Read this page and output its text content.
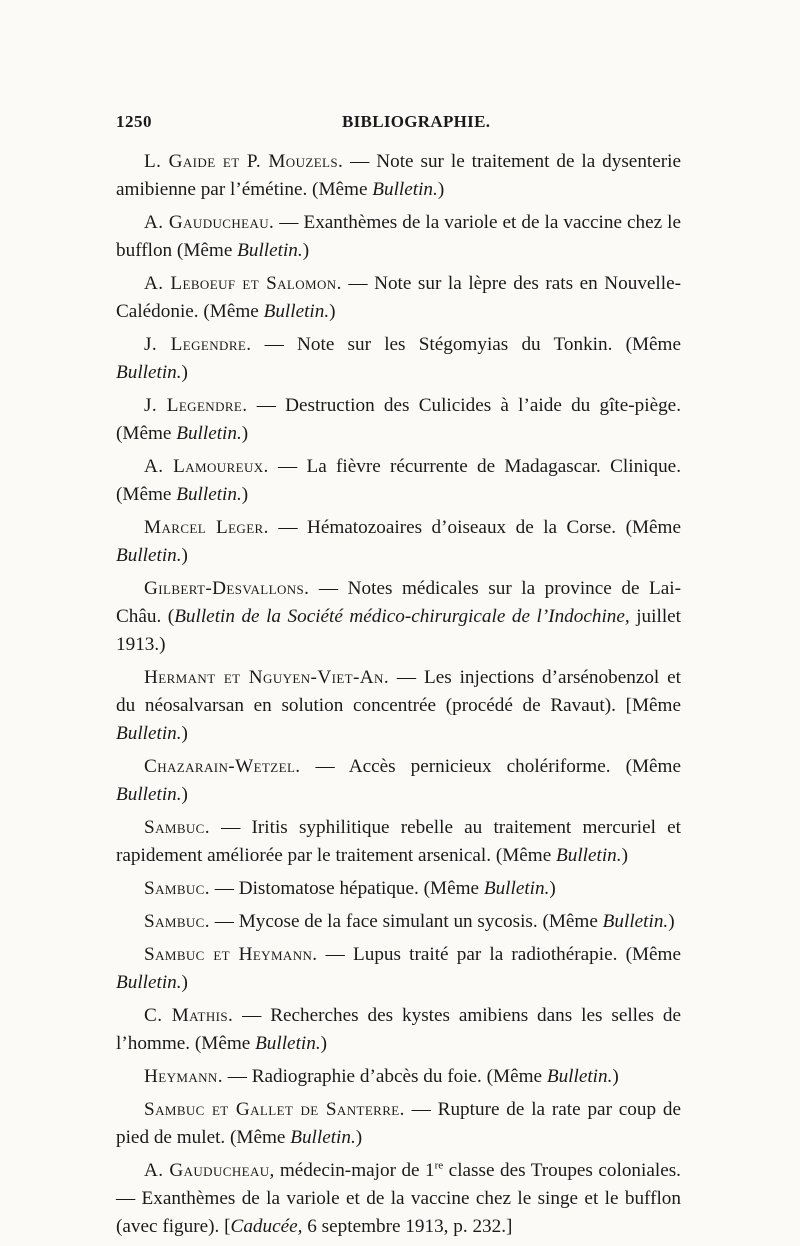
1250	BIBLIOGRAPHIE.

L. Gaide et P. Mouzels. — Note sur le traitement de la dysenterie amibienne par l’émétine. (Même Bulletin.)

A. Gauducheau. — Exanthèmes de la variole et de la vaccine chez le bufflon (Même Bulletin.)

A. Leboeuf et Salomon. — Note sur la lèpre des rats en Nouvelle-Calédonie. (Même Bulletin.)

J. Legendre. — Note sur les Stégomyias du Tonkin. (Même Bulletin.)

J. Legendre. — Destruction des Culicides à l’aide du gîte-piège. (Même Bulletin.)

A. Lamoureux. — La fièvre récurrente de Madagascar. Clinique. (Même Bulletin.)

Marcel Leger. — Hématozoaires d’oiseaux de la Corse. (Même Bulletin.)

Gilbert-Desvallons. — Notes médicales sur la province de Lai-Châu. (Bulletin de la Société médico-chirurgicale de l’Indochine, juillet 1913.)

Hermant et Nguyen-Viet-An. — Les injections d’arsénobenzol et du néosalvarsan en solution concentrée (procédé de Ravaut). [Même Bulletin.)

Chazarain-Wetzel. — Accès pernicieux cholériforme. (Même Bulletin.)

Sambuc. — Iritis syphilitique rebelle au traitement mercuriel et rapidement améliorée par le traitement arsenical. (Même Bulletin.)

Sambuc. — Distomatose hépatique. (Même Bulletin.)

Sambuc. — Mycose de la face simulant un sycosis. (Même Bulletin.)

Sambuc et Heymann. — Lupus traité par la radiothérapie. (Même Bulletin.)

C. Mathis. — Recherches des kystes amibiens dans les selles de l’homme. (Même Bulletin.)

Heymann. — Radiographie d’abcès du foie. (Même Bulletin.)

Sambuc et Gallet de Santerre. — Rupture de la rate par coup de pied de mulet. (Même Bulletin.)

A. Gauducheau, médecin-major de 1re classe des Troupes coloniales. — Exanthèmes de la variole et de la vaccine chez le singe et le bufflon (avec figure). [Caducée, 6 septembre 1913, p. 232.]
